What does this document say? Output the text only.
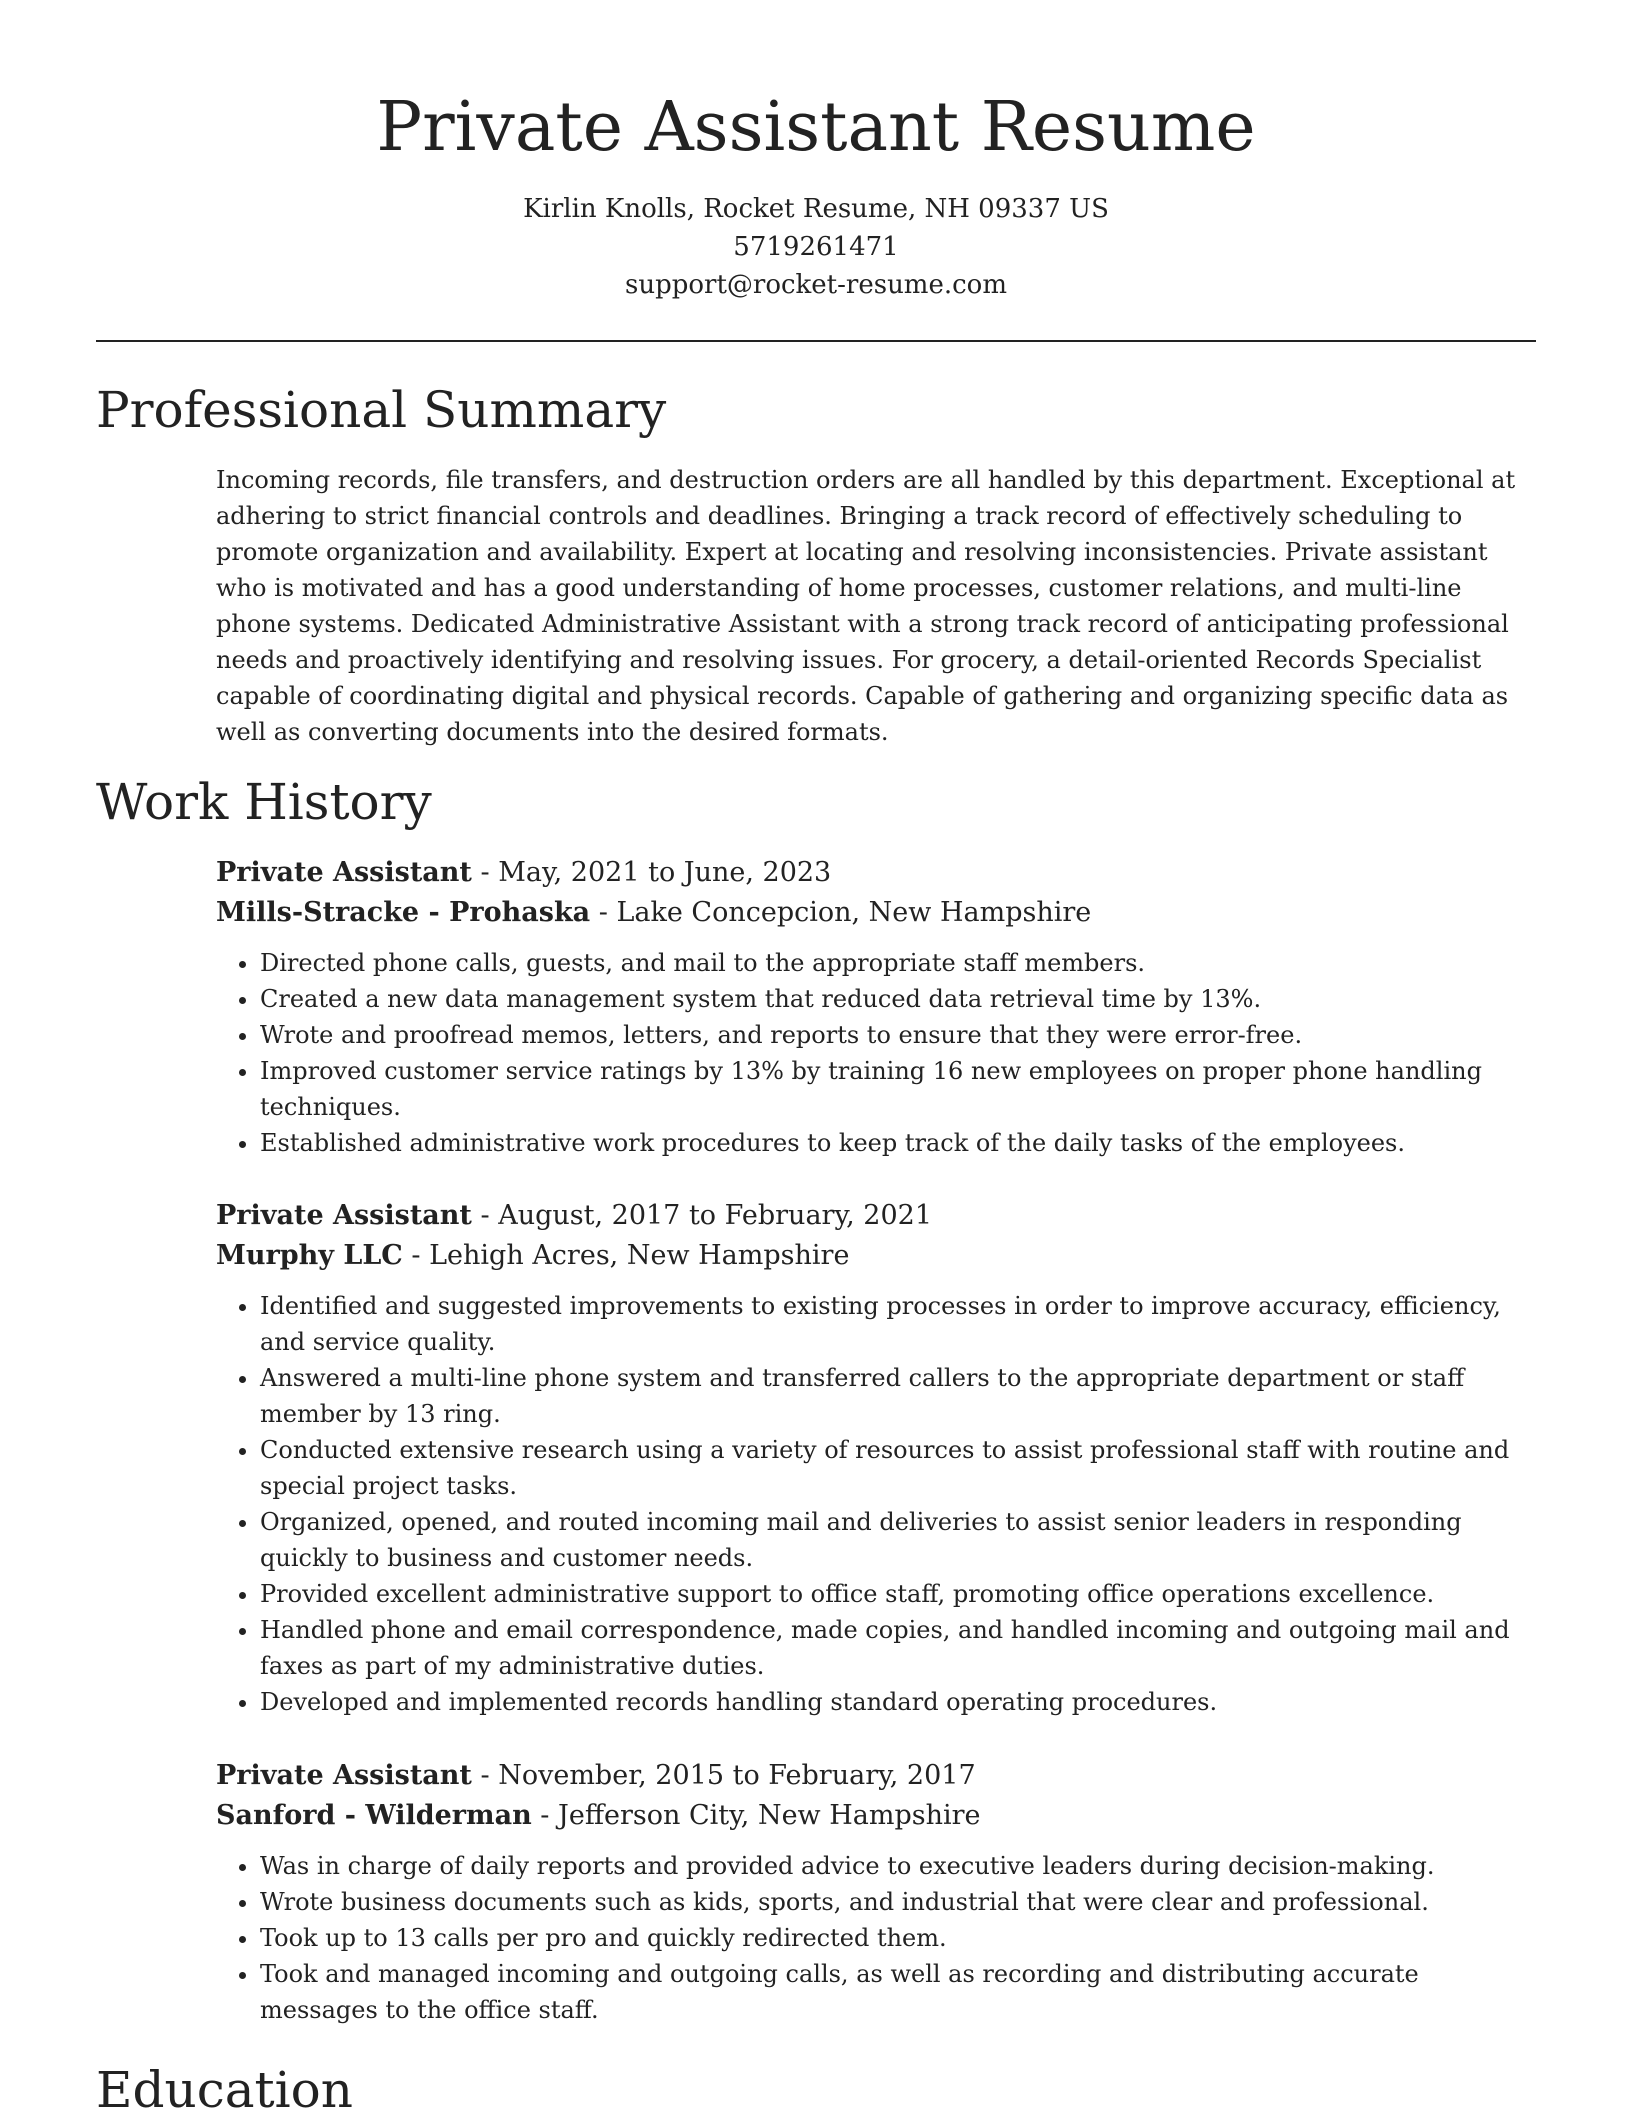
Private Assistant Resume
Kirlin Knolls, Rocket Resume, NH 09337 US
5719261471
support@rocket-resume.com
Professional Summary
Incoming records, file transfers, and destruction orders are all handled by this department. Exceptional at adhering to strict financial controls and deadlines. Bringing a track record of effectively scheduling to promote organization and availability. Expert at locating and resolving inconsistencies. Private assistant who is motivated and has a good understanding of home processes, customer relations, and multi-line phone systems. Dedicated Administrative Assistant with a strong track record of anticipating professional needs and proactively identifying and resolving issues. For grocery, a detail-oriented Records Specialist capable of coordinating digital and physical records. Capable of gathering and organizing specific data as well as converting documents into the desired formats.
Work History
Private Assistant - May, 2021 to June, 2023
Mills-Stracke - Prohaska - Lake Concepcion, New Hampshire
• Directed phone calls, guests, and mail to the appropriate staff members.
• Created a new data management system that reduced data retrieval time by 13%.
• Wrote and proofread memos, letters, and reports to ensure that they were error-free.
• Improved customer service ratings by 13% by training 16 new employees on proper phone handling techniques.
• Established administrative work procedures to keep track of the daily tasks of the employees.
Private Assistant - August, 2017 to February, 2021
Murphy LLC - Lehigh Acres, New Hampshire
• Identified and suggested improvements to existing processes in order to improve accuracy, efficiency, and service quality.
• Answered a multi-line phone system and transferred callers to the appropriate department or staff member by 13 ring.
• Conducted extensive research using a variety of resources to assist professional staff with routine and special project tasks.
• Organized, opened, and routed incoming mail and deliveries to assist senior leaders in responding quickly to business and customer needs.
• Provided excellent administrative support to office staff, promoting office operations excellence.
• Handled phone and email correspondence, made copies, and handled incoming and outgoing mail and faxes as part of my administrative duties.
• Developed and implemented records handling standard operating procedures.
Private Assistant - November, 2015 to February, 2017
Sanford - Wilderman - Jefferson City, New Hampshire
• Was in charge of daily reports and provided advice to executive leaders during decision-making.
• Wrote business documents such as kids, sports, and industrial that were clear and professional.
• Took up to 13 calls per pro and quickly redirected them.
• Took and managed incoming and outgoing calls, as well as recording and distributing accurate messages to the office staff.
Education
